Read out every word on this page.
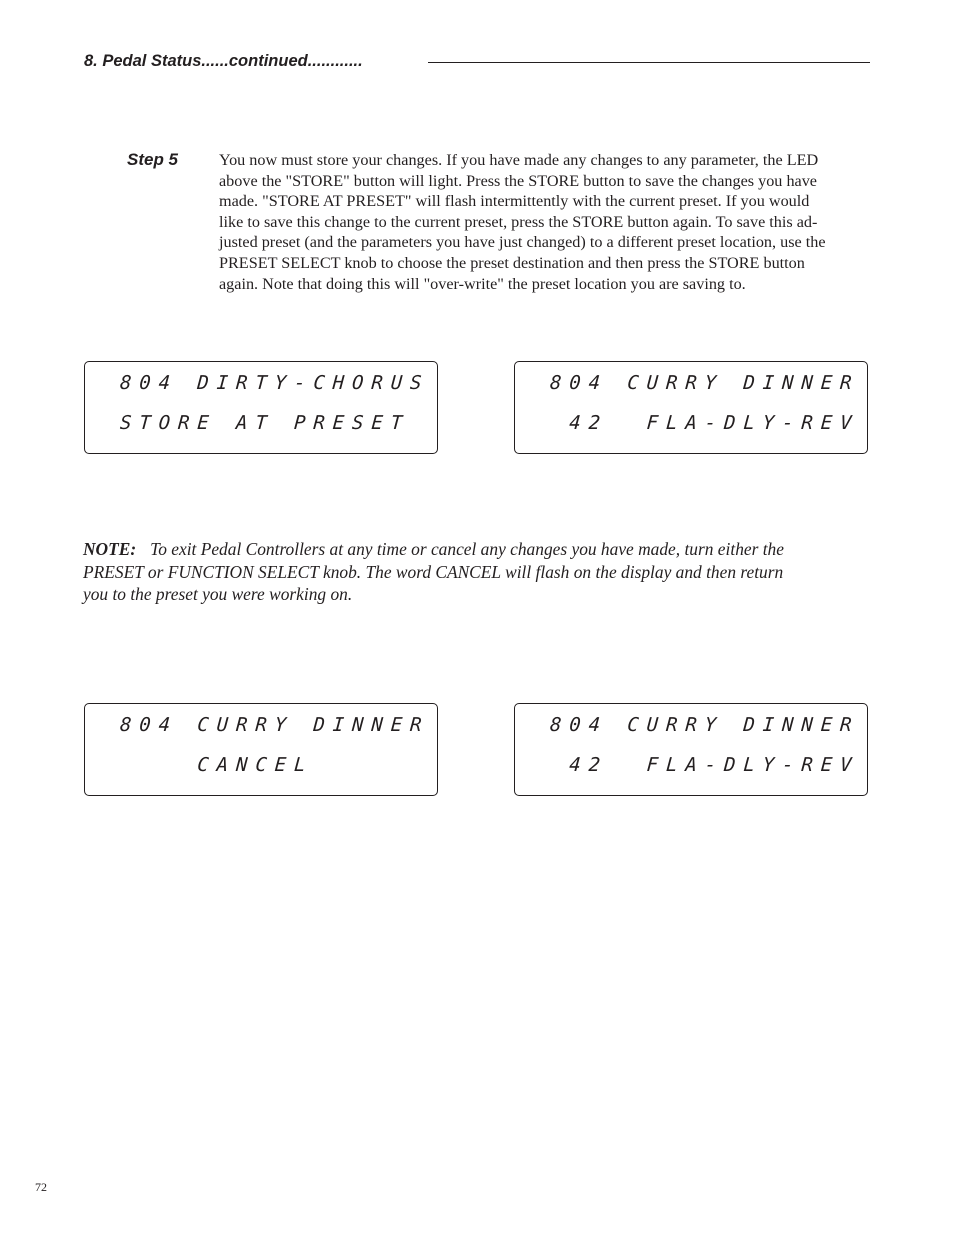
8. Pedal Status......continued............
Step 5	You now must store your changes. If you have made any changes to any parameter, the LED
above the "STORE" button will light. Press the STORE button to save the changes you have
made. "STORE AT PRESET" will flash intermittently with the current preset. If you would
like to save this change to the current preset, press the STORE button again. To save this ad-
justed preset (and the parameters you have just changed) to a different preset location, use the
PRESET SELECT knob to choose the preset destination and then press the STORE button
again. Note that doing this will "over-write" the preset location you are saving to.
804 DIRTY-CHORUS
STORE AT PRESET
804 CURRY DINNER
42  FLA-DLY-REV
NOTE: To exit Pedal Controllers at any time or cancel any changes you have made, turn either the
PRESET or FUNCTION SELECT knob. The word CANCEL will flash on the display and then return
you to the preset you were working on.
804 CURRY DINNER
CANCEL
804 CURRY DINNER
42  FLA-DLY-REV
72
